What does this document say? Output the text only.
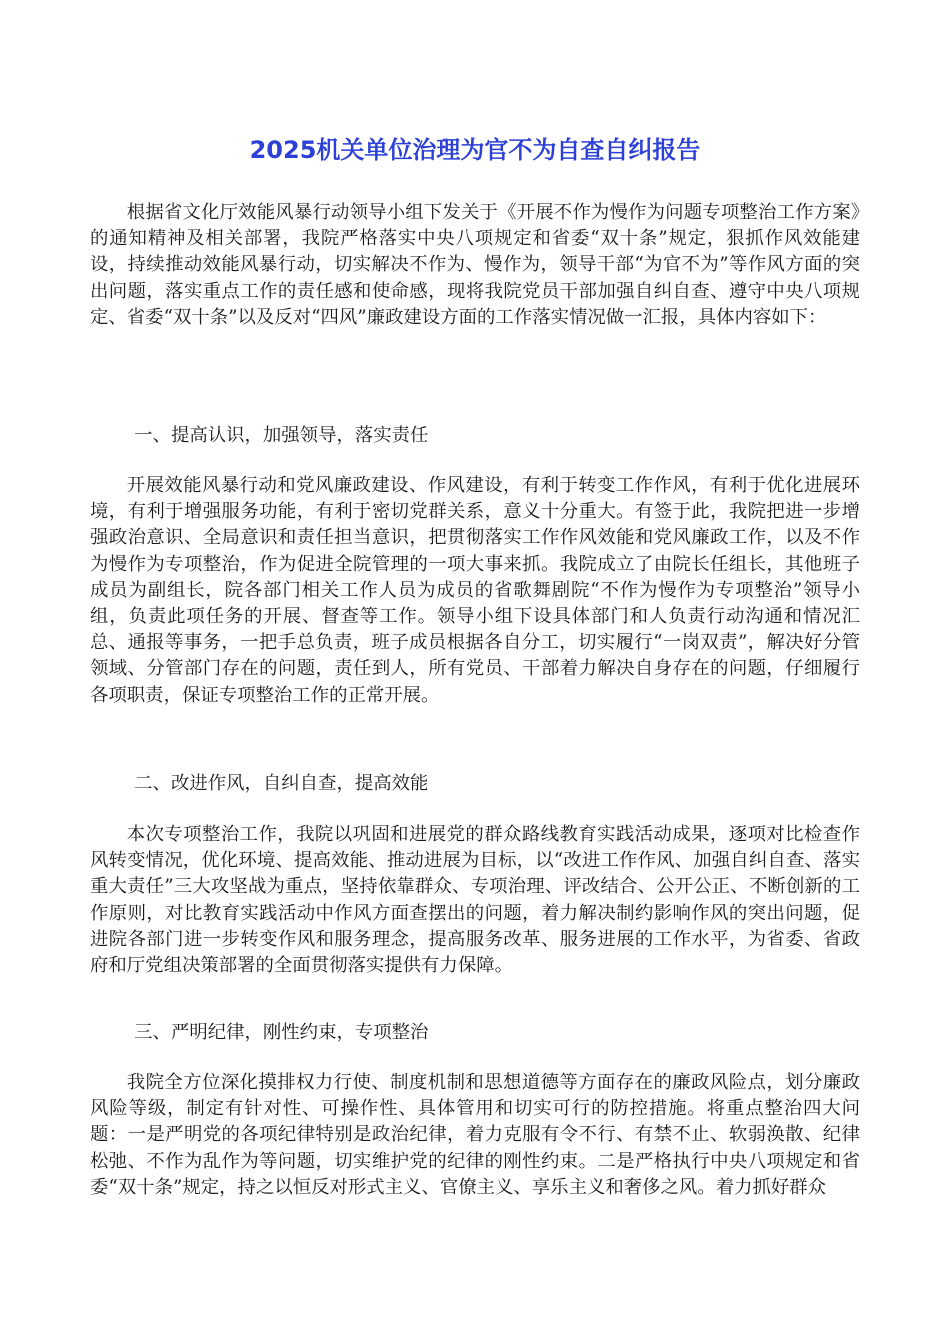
2025机关单位治理为官不为自查自纠报告

根据省文化厅效能风暴行动领导小组下发关于《开展不作为慢作为问题专项整治工作方案》的通知精神及相关部署，我院严格落实中央八项规定和省委“双十条”规定，狠抓作风效能建设，持续推动效能风暴行动，切实解决不作为、慢作为，领导干部“为官不为”等作风方面的突出问题，落实重点工作的责任感和使命感，现将我院党员干部加强自纠自查、遵守中央八项规定、省委“双十条”以及反对“四风”廉政建设方面的工作落实情况做一汇报，具体内容如下：

一、提高认识，加强领导，落实责任

开展效能风暴行动和党风廉政建设、作风建设，有利于转变工作作风，有利于优化进展环境，有利于增强服务功能，有利于密切党群关系，意义十分重大。有签于此，我院把进一步增强政治意识、全局意识和责任担当意识，把贯彻落实工作作风效能和党风廉政工作，以及不作为慢作为专项整治，作为促进全院管理的一项大事来抓。我院成立了由院长任组长，其他班子成员为副组长，院各部门相关工作人员为成员的省歌舞剧院“不作为慢作为专项整治”领导小组，负责此项任务的开展、督查等工作。领导小组下设具体部门和人负责行动沟通和情况汇总、通报等事务，一把手总负责，班子成员根据各自分工，切实履行“一岗双责”，解决好分管领域、分管部门存在的问题，责任到人，所有党员、干部着力解决自身存在的问题，仔细履行各项职责，保证专项整治工作的正常开展。

二、改进作风，自纠自查，提高效能

本次专项整治工作，我院以巩固和进展党的群众路线教育实践活动成果，逐项对比检查作风转变情况，优化环境、提高效能、推动进展为目标，以“改进工作作风、加强自纠自查、落实重大责任”三大攻坚战为重点，坚持依靠群众、专项治理、评改结合、公开公正、不断创新的工作原则，对比教育实践活动中作风方面查摆出的问题，着力解决制约影响作风的突出问题，促进院各部门进一步转变作风和服务理念，提高服务改革、服务进展的工作水平，为省委、省政府和厅党组决策部署的全面贯彻落实提供有力保障。

三、严明纪律，刚性约束，专项整治

我院全方位深化摸排权力行使、制度机制和思想道德等方面存在的廉政风险点，划分廉政风险等级，制定有针对性、可操作性、具体管用和切实可行的防控措施。将重点整治四大问题：一是严明党的各项纪律特别是政治纪律，着力克服有令不行、有禁不止、软弱涣散、纪律松弛、不作为乱作为等问题，切实维护党的纪律的刚性约束。二是严格执行中央八项规定和省委“双十条”规定，持之以恒反对形式主义、官僚主义、享乐主义和奢侈之风。着力抓好群众
